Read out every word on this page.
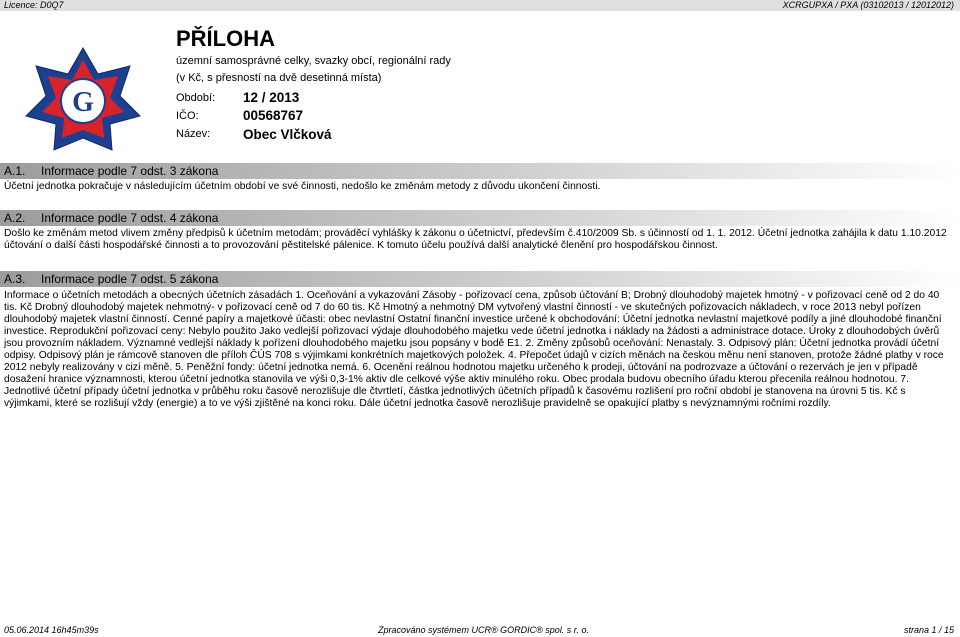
Licence: D0Q7	XCRGUPXA / PXA (03102013 / 12012012)
G
PŘÍLOHA
územní samosprávné celky, svazky obcí, regionální rady
(v Kč, s přesností na dvě desetinná místa)
Období: 12 / 2013
IČO:	00568767
Název: Obec Vlčková
A.1. Informace podle 7 odst. 3 zákona
Účetní jednotka pokračuje v následujícím účetním období ve své činnosti, nedošlo ke změnám metody z důvodu ukončení činnosti.
A.2. Informace podle 7 odst. 4 zákona
Došlo ke změnám metod vlivem změny předpisů k účetním metodám; prováděcí vyhlášky k zákonu o účetnictví, především č.410/2009 Sb. s účinností od 1. 1. 2012. Účetní jednotka zahájila k datu 1.10.2012 účtování o další části hospodářské činnosti a to provozování pěstitelské pálenice. K tomuto účelu používá další analytické členění pro hospodářskou činnost.
A.3. Informace podle 7 odst. 5 zákona
Informace o účetních metodách a obecných účetních zásadách 1. Oceňování a vykazování Zásoby - pořizovací cena, způsob účtování B; Drobný dlouhodobý majetek hmotný - v pořizovací ceně od 2 do 40 tis. Kč Drobný dlouhodobý majetek nehmotný- v pořizovací ceně od 7 do 60 tis. Kč Hmotný a nehmotný DM vytvořený vlastní činností - ve skutečných pořizovacích nákladech, v roce 2013 nebyl pořízen dlouhodobý majetek vlastní činností. Cenné papíry a majetkové účasti: obec nevlastní Ostatní finanční investice určené k obchodování: Účetní jednotka nevlastní majetkové podíly a jiné dlouhodobé finanční investice. Reprodukční pořizovací ceny: Nebylo použito Jako vedlejší pořizovací výdaje dlouhodobého majetku vede účetní jednotka i náklady na žádosti a administrace dotace. Úroky z dlouhodobých úvěrů jsou provozním nákladem. Významné vedlejší náklady k pořízení dlouhodobého majetku jsou popsány v bodě E1. 2. Změny způsobů oceňování: Nenastaly. 3. Odpisový plán: Účetní jednotka provádí účetní odpisy. Odpisový plán je rámcově stanoven dle příloh ČÚS 708 s výjimkami konkrétních majetkových položek. 4. Přepočet údajů v cizích měnách na českou měnu není stanoven, protože žádné platby v roce 2012 nebyly realizovány v cizí měně. 5. Peněžní fondy: účetní jednotka nemá. 6. Ocenění reálnou hodnotou majetku určeného k prodeji, účtování na podrozvaze a účtování o rezervách je jen v případě dosažení hranice významnosti, kterou účetní jednotka stanovila ve výši 0,3-1% aktiv dle celkové výše aktiv minulého roku. Obec prodala budovu obecního úřadu kterou přecenila reálnou hodnotou. 7. Jednotlivé účetní případy účetní jednotka v průběhu roku časově nerozlišuje dle čtvrtletí, částka jednotlivých účetních případů k časovému rozlišení pro roční období je stanovena na úrovni 5 tis. Kč s výjimkami, které se rozlišují vždy (energie) a to ve výši zjištěné na konci roku. Dále účetní jednotka časově nerozlišuje pravidelně se opakující platby s nevýznamnými ročními rozdíly.
05.06.2014 16h45m39s	Zpracováno systémem UCR® GORDIC® spol. s r. o.	strana 1 / 15
